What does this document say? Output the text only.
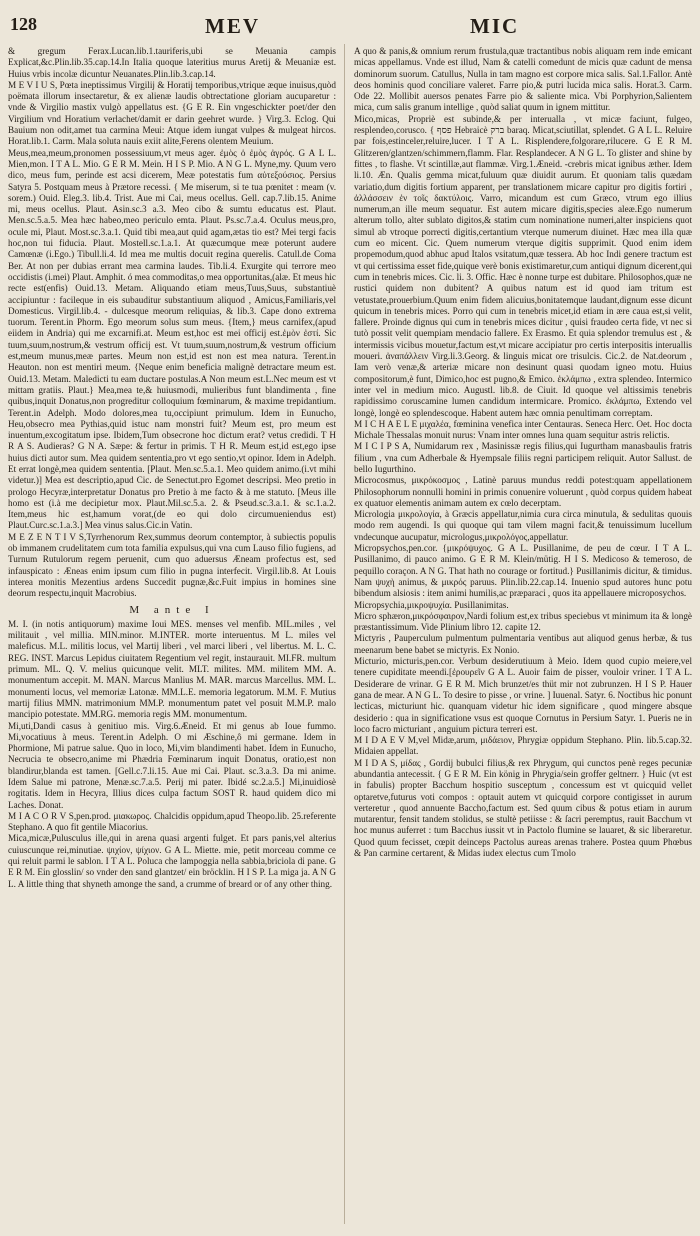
128	MEV	MIC

& gregum Ferax.Lucan.lib.1.tauriferis,ubi se Meuania campis Explicat,&c.Plin.lib.35.cap.14.In Italia quoque lateritius murus Aretij & Meuaniæ est. Huius vrbis incolæ dicuntur Neuanates.Plin.lib.3.cap.14.

M E V I U S, Pœta ineptissimus Virgilij & Horatij temporibus,vtrique æque inuisus,quòd poëmata illorum insectaretur, & ex alienæ laudis obtrectatione gloriam aucuparetur : vnde & Virgilio mastix vulgò appellatus est. {G E R. Ein vngeschickter poet/der den Virgilium vnd Horatium verlachet/damit er darin geehret wurde. } Virg.3. Eclog. Qui Bauium non odit,amet tua carmina Meui: Atque idem iungat vulpes & mulgeat hircos. Horat.lib.1. Carm. Mala soluta nauis exiit alite,Ferens olentem Meuium.

Meus,mea,meum,pronomen possessiuum,vt meus ager. ἐμὸς ὁ ἐμὸς ἀγρός. G A L L. Mien,mon. I T A L. Mio. G E R M. Mein. H I S P. Mio. A N G L. Myne,my. Quum vero dico, meus fum, perinde est acsi dicerem, Meæ potestatis fum αὐτεξούσιος. Persius Satyra 5. Postquam meus à Prætore recessi. { Me miserum, si te tua pœnitet : meam (v. sorem.) Ouid. Eleg.3. lib.4. Trist. Aue mi Cai, meus ocellus. Gell. cap.7.lib.15. Anime mi, meus ocellus. Plaut. Asin.sc.3 a.3. Meo cibo & sumtu educatus est. Plaut. Men.sc.5.a.5. Mea hæc habeo,meo periculo emta. Plaut. Ps.sc.7.a.4. Oculus meus,pro, ocule mi, Plaut. Most.sc.3.a.1. Quid tibi mea,aut quid agam,ætas tio est? Mei tergi facis hoc,non tui fiducia. Plaut. Mostell.sc.1.a.1. At quæcumque meæ poterunt audere Camœnæ (i.Ego.) Tibull.li.4. Id mea me multis docuit regina querelis. Catull.de Coma Ber. At non per dubias errant mea carmina laudes. Tib.li.4. Exurgite qui terrore meo occidistis (i.mei) Plaut. Amphit. ó mea commoditas,o mea opportunitas,(alæ. Et meus hic recte est(enfis) Ouid.13. Metam. Aliquando etiam meus,Tuus,Suus, substantiuè accipiuntur : facileque in eis subauditur substantiuum aliquod , Amicus,Familiaris,vel Domesticus. Virgil.lib.4. - dulcesque meorum reliquias, & lib.3. Cape dono extrema tuorum. Terent.in Phorm. Ego meorum solus sum meus. {Item,} meus carnifex,(apud eiidem in Andria) qui me excarnifi.at. Meum est,hoc est mei officij est.ἐμὸν ἐστί. Sic tuum,suum,nostrum,& vestrum officij est. Vt tuum,suum,nostrum,& vestrum officium est,meum munus,meæ partes. Meum non est,id est non est mea natura. Terent.in Heauton. non est mentiri meum. {Neque enim beneficia malignè detractare meum est. Ouid.13. Metam. Maledicti tu eam ductare postulas.A Non meum est.L.Nec meum est vt mittam gratiis. Plaut.} Mea,mea te,& huiusmodi, mulieribus funt blandimenta , fine quibus,inquit Donatus,non progreditur colloquium fœminarum, & maxime trepidantium. Terent.in Adelph. Modo dolores,mea tu,occipiunt primulum. Idem in Eunucho, Heu,obsecro mea Pythias,quid istuc nam monstri fuit? Meum est, pro meum est inuentum,excogitatum ipse. Ibidem,Tum obsecrone hoc dictum erat? vetus credidi. T H R A S. Audieras? G N A. Sæpe: & fertur in primis. T H R. Meum est,id est,ego ipse huius dicti autor sum. Mea quidem sententia,pro vt ego sentio,vt opinor. Idem in Adelph. Et errat longè,mea quidem sententia. [Plaut. Men.sc.5.a.1. Meo quidem animo.(i.vt mihi videtur.)] Mea est descriptio,apud Cic. de Senectut.pro Egomet descripsi. Meo pretio in prologo Hecyræ,interpretatur Donatus pro Pretio à me facto & à me statuto. [Meus ille homo est (i.à me decipietur mox. Plaut.Mil.sc.5.a. 2. & Pseud.sc.3.a.1. & sc.1.a.2. Item,meus hic est,hamum vorat,(de eo qui dolo circumueniendus est) Plaut.Curc.sc.1.a.3.] Mea vinus salus.Cic.in Vatin.

M E Z E N T I V S,Tyrrhenorum Rex,summus deorum contemptor, à subiectis populis ob immanem crudelitatem cum tota familia expulsus,qui vna cum Lauso filio fugiens, ad Turnum Rutulorum regem peruenit, cum quo aduersus Æneam profectus est, sed infauspicato : Æneas enim ipsum cum filio in pugna interfecit. Virgil.lib.8. At Louis interea monitis Mezentius ardens Succedit pugnæ,&c.Fuit impius in homines sine deorum respectu,inquit Macrobius.

M ante I

M. I. (in notis antiquorum) maxime Ioui MES. menses vel menfib. MIL.miles , vel militauit , vel millia. MIN.minor. M.INTER. morte interuentus. M L. miles vel maleficus. M.L. militis locus, vel Martij liberi , vel marci liberi , vel libertus. M. L. C. REG. INST. Marcus Lepidus ciuitatem Regentium vel regit, instaurauit. MI.FR. multum primum. ML. Q. V. melius quicunque velit. MLT. milites. MM. militem MM. A. monumentum accepit. M. MAN. Marcus Manlius M. MAR. marcus Marcellus. MM. L. monumenti locus, vel memoriæ Latonæ. MM.L.E. memoria legatorum. M.M. F. Mutius martij filius MMN. matrimonium MM.P. monumentum patet vel posuit M.M.P. malo mancipio potestate. MM.RG. memoria regis MM. monumentum.

Mi,uti,Dandi casus à genitiuo mis. Virg.6.Æneid. Et mi genus ab Ioue fummo. Mi,vocatiuus à meus. Terent.in Adelph. O mi Æschine,ô mi germane. Idem in Phormione, Mi patrue salue. Quo in loco, Mi,vim blandimenti habet. Idem in Eunucho, Necrucia te obsecro,anime mi Phædria Fœminarum inquit Donatus, oratio,est non blandirur,blanda est tamen. [Gell.c.7.li.15. Aue mi Cai. Plaut. sc.3.a.3. Da mi anime. Idem Salue mi patrone, Menæ.sc.7.a.5. Perij mi pater. Ibidé sc.2.a.5.] Mi,inuidiosè rogitatis. Idem in Hecyra, Illius dices culpa factum SOST R. haud quidem dico mi Laches. Donat.

M I A C O R V S,pen.prod. μιακωρος. Chalcidis oppidum,apud Theopo.lib. 25.referente Stephano. A quo fit gentile Miacorius.

Mica,micæ,Pulusculus ille,qui in arena quasi argenti fulget. Et pars panis,vel alterius cuiuscunque rei,minutiae. ψιχίον, ψίχιον. G A L. Miette. mie, petit morceau comme ce qui reluit parmi le sablon. I T A L. Poluca che lampoggia nella sabbia,briciola di pane. G E R M. Ein glosslin/ so vnder den sand glantzet/ ein bröcklin. H I S P. La miga ja. A N G L. A little thing that shyneth amonge the sand, a crumme of breard or of any other thing.

A quo & panis,& omnium rerum frustula,quæ tractantibus nobis aliquam rem inde emicant micas appellamus. Vnde est illud, Nam & catelli comedunt de micis quæ cadunt de mensa dominorum suorum. Catullus, Nulla in tam magno est corpore mica salis. Sal.1.Fallor. Antè deos hominis quod conciliare valeret. Farre pio,& putri lucida mica salis. Horat.3. Carm. Ode 22. Mollibit auersos penates Farre pio & saliente mica. Vbi Porphyrion,Salientem mica, cum salis granum intellige , quòd saliat quum in ignem mittitur.

Mico,micas, Propriè est subinde,& per interualla , vt micæ faciunt, fulgeo, resplendeo,corusco. { פסף Hebraicè ברק baraq. Micat,sciutillat, splendet. G A L L. Reluire par fois,estinceler,reluire,lucer. I T A L. Risplendere,folgorare,rilucere. G E R M. Glitzeren/glantzen/schimmern,flamm. Flar. Resplandecer. A N G L. To glister and shine by fittes , to flashe. Vt scintillæ,aut flammæ. Virg.1.Æneid. -crebris micat ignibus æther. Idem li.10. Æn. Qualis gemma micat,fuluum quæ diuidit aurum. Et quoniam talis quædam variatio,dum digitis fortium apparent, per translationem micare capitur pro digitis fortiri , ἀλλάσσειν ἐν τοῖς δακτύλοις. Varro, micandum est cum Græco, vtrum ego illius numerum,an ille meum sequatur. Est autem micare digitis,species aleæ.Ego numerum alterum tollo, alter sublato digitos,& statim cum nominatione numeri,alter inspiciens quot simul ab vtroque porrecti digitis,certantium vterque numerum diuinet. Hæc mea illa quæ cum eo micent. Cic. Quem numerum vterque digitis supprimit. Quod enim idem propemodum,quod abhuc apud Italos vsitatum,quæ tessera. Ab hoc Indi genere tractum est vt qui certissima esset fide,quique verè bonis existimaretur,cum antiqui dignum dicerent,qui cum in tenebris mices. Cic. li. 3. Offic. Hæc è nonne turpe est dubitare. Philosophos,quæ ne rustici quidem non dubitent? A quibus natum est id quod iam tritum est vetustate,prouerbium.Quum enim fidem alicuius,bonitatemque laudant,dignum esse dicunt quicum in tenebris mices. Porro qui cum in tenebris micet,id etiam in ære caua est,si velit, fallere. Proinde dignus qui cum in tenebris mices dicitur , quisi fraudeo certa fide, vt nec si tutò possit velit quempiam mendacio fallere. Ex Erasmo. Et quia splendor tremulus est , & intermissis vicibus mouetur,factum est,vt micare accipiatur pro certis interpositis interuallis moueri. ἀναπάλλειν Virg.li.3.Georg. & linguis micat ore trisulcis. Cic.2. de Nat.deorum , Iam verò venæ,& arteriæ micare non desinunt quasi quodam igneo motu. Huius compositorum,è funt, Dimico,hoc est pugno,& Emico. ἐκλάμπω , extra splendeo. Intermico inter vel in medium mico. Augustl. lib.8. de Ciuit. Id quoque vel altissimis tenebris rapidissimo coruscamine lumen candidum intermicare. Promico. ἐκλάμπω, Extendo vel longè, longè eo splendescoque. Habent autem hæc omnia penultimam correptam.

M I C H A E L E μιχαλέα, fœminina venefica inter Centauras. Seneca Herc. Oet. Hoc docta Michale Thessalas monuit nurus: Vnam inter omnes luna quam sequitur astris relictis.

M I C I P S A, Numidarum rex , Masinissæ regis filius,qui Iugurtham manasbaulis fratris filium , vna cum Adherbale & Hyempsale filiis regni participem reliquit. Autor Sallust. de bello Iugurthino.

Microcosmus, μικρόκοσμος , Latinè paruus mundus reddi potest:quam appellationem Philosophorum nonnulli homini in primis conuenire voluerunt , quòd corpus quidem habeat ex quatuor elementis animam autem ex cœlo decerptam.

Micrologia μικρολογία, à Græcis appellatur,nimia cura circa minutula, & sedulitas quouis modo rem augendi. Is qui quoque qui tam vilem magni facit,& tenuissimum lucellum vndecunque aucupatur, micrologus,μικρολόγος,appellatur.

Micropsychos,pen.cor. {μικρόψυχος. G A L. Pusillanime, de peu de cœur. I T A L. Pusillanimo, di pauco animo. G E R M. Klein/mütig. H I S. Medicoso & temeroso, de pequillo coraçon. A N G. That hath no courage or fortitud.} Pusillanimis dicitur, & timidus. Nam ψυχὴ animus, & μικρός paruus. Plin.lib.22.cap.14. Inuenio spud autores hunc potu bibendum alsiosis : item animi humilis,ac præparaci , quos ita appellauere microposychos.

Micropsychia,μικροψυχία. Pusillanimitas.

Micro sphæron,μικρόσφαιρον,Nardi folium est,ex tribus speciebus vt minimum ita & longè præstantissimum. Vide Plinium libro 12. capite 12.

Mictyris , Pauperculum pulmentum pulmentaria ventibus aut aliquod genus herbæ, & tus meenarum bene babet se mictyris. Ex Nonio.

Micturio, micturis,pen.cor. Verbum desiderutiuum à Meio. Idem quod cupio meiere,vel tenere cupiditate meendi.[ἐρουρεῖν G A L. Auoir faim de pisser, vouloir vriner. I T A L. Desiderare de vrinar. G E R M. Mich brunzet/es thüt mir not zubrunzen. H I S P. Hauer gana de mear. A N G L. To desire to pisse , or vrine. ] Iuuenal. Satyr. 6. Noctibus hic ponunt lecticas, micturiunt hic. quanquam videtur hic idem significare , quod mingere absque desiderio : qua in significatione vsus est quoque Cornutus in Persium Satyr. 1. Pueris ne in loco facro micturiant , anguium pictura terreri est.

M I D A E V M,vel Midæ,arum, μιδάειον, Phrygiæ oppidum Stephano. Plin. lib.5.cap.32. Midaien appellat.

M I D A S, μίδας , Gordij bubulci filius,& rex Phrygum, qui cunctos penè reges pecuniæ abundantia antecessit. { G E R M. Ein könig in Phrygia/sein groffer geltnerr. } Huic (vt est in fabulis) propter Bacchum hospitio susceptum , concessum est vt quicquid vellet optaretve,futurus voti compos : optauit autem vt quicquid corpore contigisset in aurum verteretur , quod annuente Baccho,factum est. Sed quum cibus & potus etiam in aurum mutarentur, fensit tandem stolidus, se stultè petiisse : & ſacri peremptus, rauit Bacchum vt hoc munus auferret : tum Bacchus iussit vt in Pactolo flumine se lauaret, & sic liberaretur. Quod quum fecisset, cœpit deinceps Pactolus aureas arenas trahere. Postea quum Phœbus & Pan carmine certarent, & Midas iudex electus cum Tmolo
